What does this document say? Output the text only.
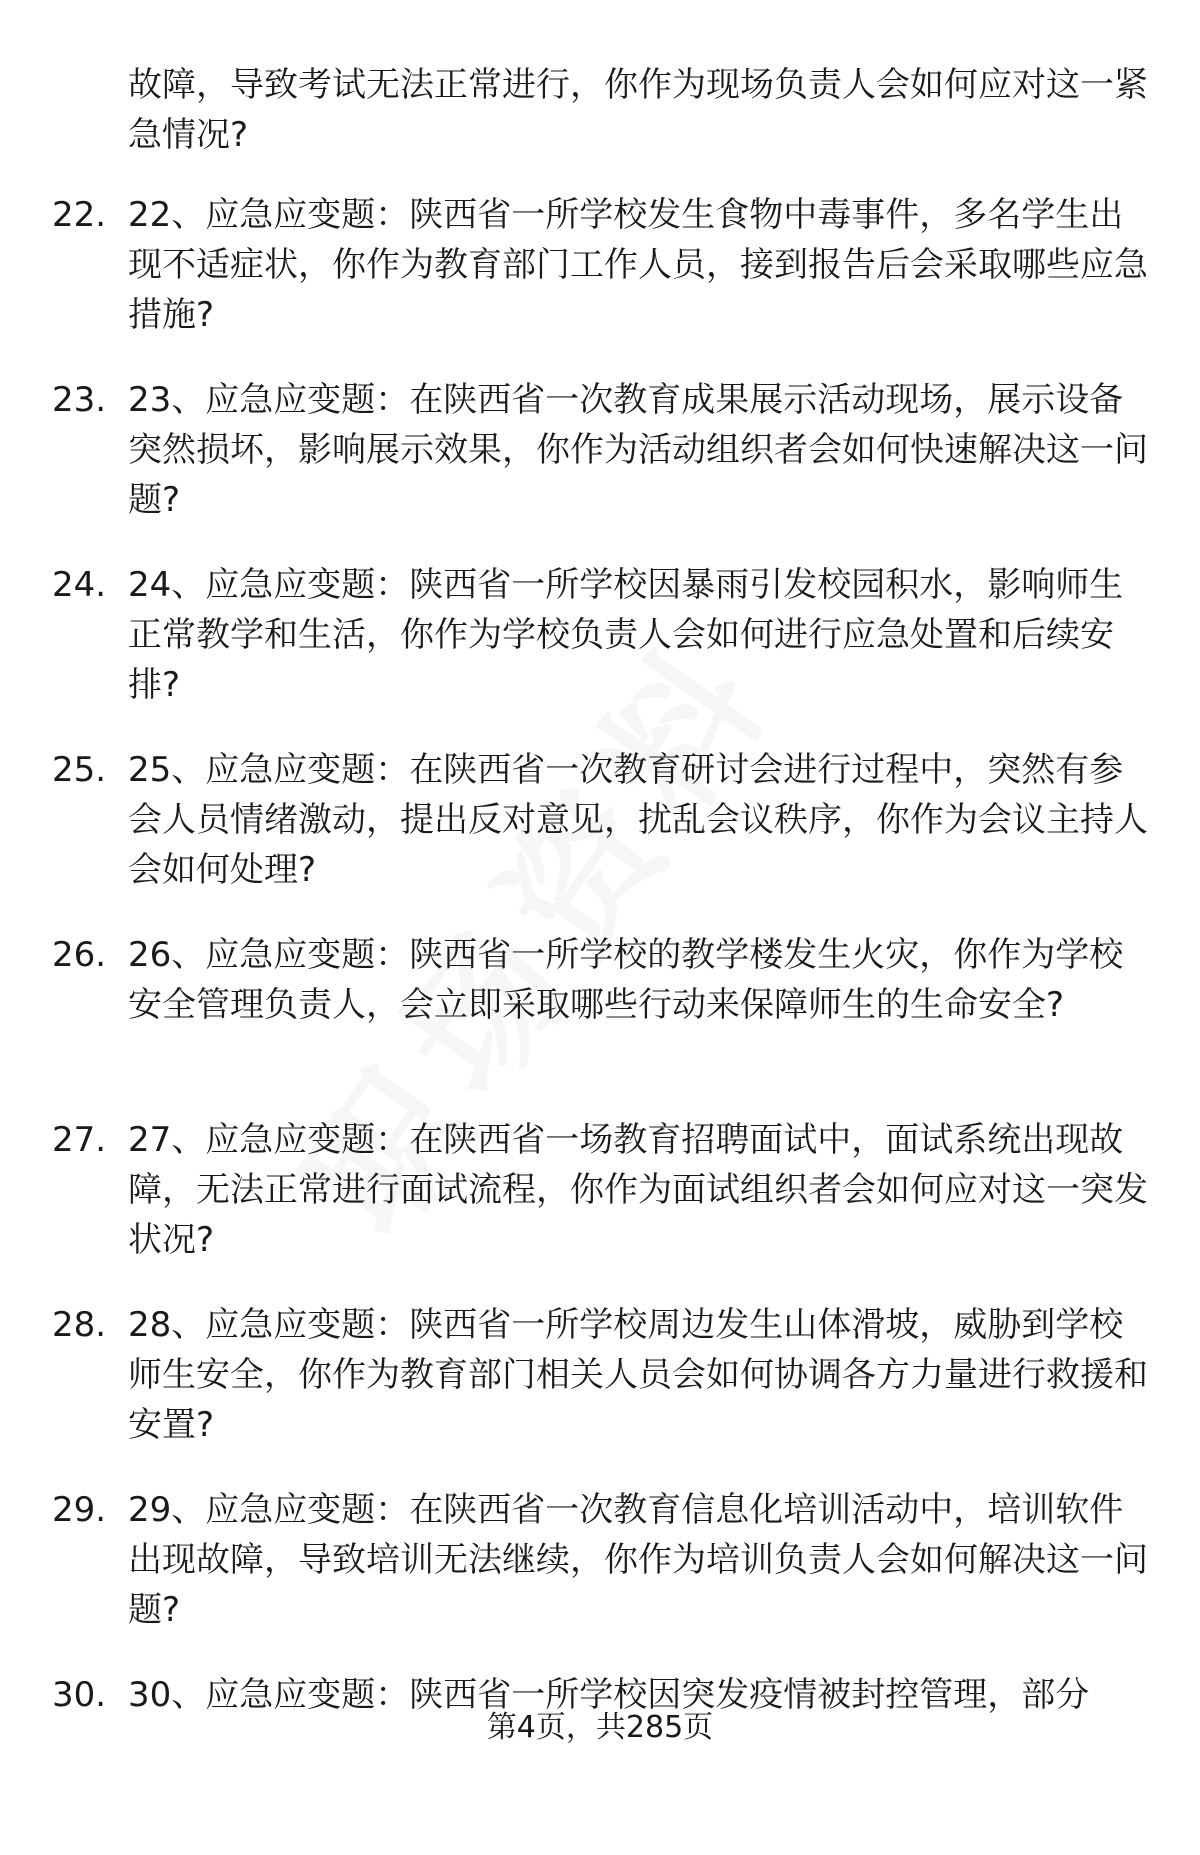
故障，导致考试无法正常进行，你作为现场负责人会如何应对这一紧急情况?
22. 22、应急应变题：陕西省一所学校发生食物中毒事件，多名学生出现不适症状，你作为教育部门工作人员，接到报告后会采取哪些应急措施?
23. 23、应急应变题：在陕西省一次教育成果展示活动现场，展示设备突然损坏，影响展示效果，你作为活动组织者会如何快速解决这一问题?
24. 24、应急应变题：陕西省一所学校因暴雨引发校园积水，影响师生正常教学和生活，你作为学校负责人会如何进行应急处置和后续安排?
25. 25、应急应变题：在陕西省一次教育研讨会进行过程中，突然有参会人员情绪激动，提出反对意见，扰乱会议秩序，你作为会议主持人会如何处理?
26. 26、应急应变题：陕西省一所学校的教学楼发生火灾，你作为学校安全管理负责人，会立即采取哪些行动来保障师生的生命安全?
27. 27、应急应变题：在陕西省一场教育招聘面试中，面试系统出现故障，无法正常进行面试流程，你作为面试组织者会如何应对这一突发状况?
28. 28、应急应变题：陕西省一所学校周边发生山体滑坡，威胁到学校师生安全，你作为教育部门相关人员会如何协调各方力量进行救援和安置?
29. 29、应急应变题：在陕西省一次教育信息化培训活动中，培训软件出现故障，导致培训无法继续，你作为培训负责人会如何解决这一问题?
30. 30、应急应变题：陕西省一所学校因突发疫情被封控管理，部分
第4页，共285页
